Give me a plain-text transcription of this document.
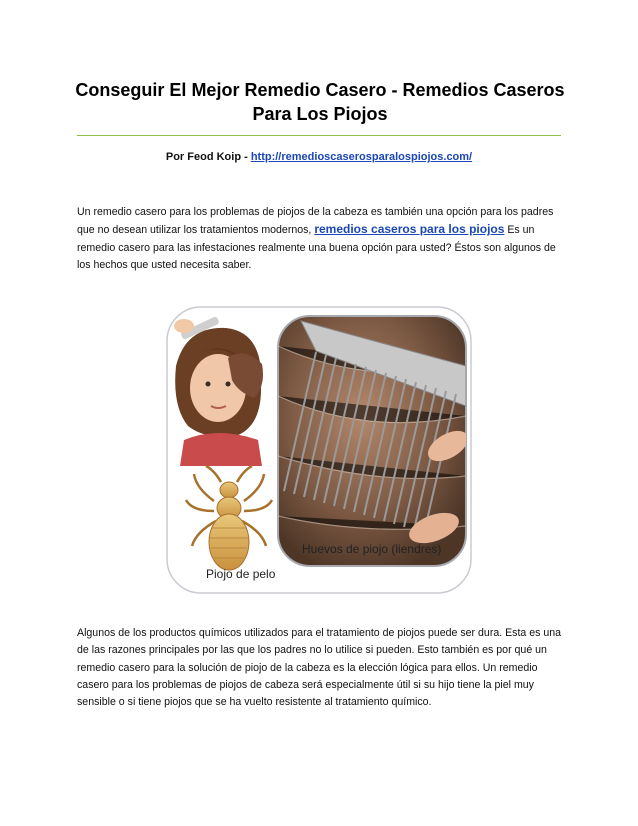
Conseguir El Mejor Remedio Casero - Remedios Caseros Para Los Piojos
Por Feod Koip - http://remedioscaserosparalospiojos.com/
Un remedio casero para los problemas de piojos de la cabeza es también una opción para los padres que no desean utilizar los tratamientos modernos, remedios caseros para los piojos Es un remedio casero para las infestaciones realmente una buena opción para usted? Éstos son algunos de los hechos que usted necesita saber.
Huevos de piojo (liendres)
Piojo de pelo
Algunos de los productos químicos utilizados para el tratamiento de piojos puede ser dura. Esta es una de las razones principales por las que los padres no lo utilice si pueden. Esto también es por qué un remedio casero para la solución de piojo de la cabeza es la elección lógica para ellos. Un remedio casero para los problemas de piojos de cabeza será especialmente útil si su hijo tiene la piel muy sensible o si tiene piojos que se ha vuelto resistente al tratamiento químico.
